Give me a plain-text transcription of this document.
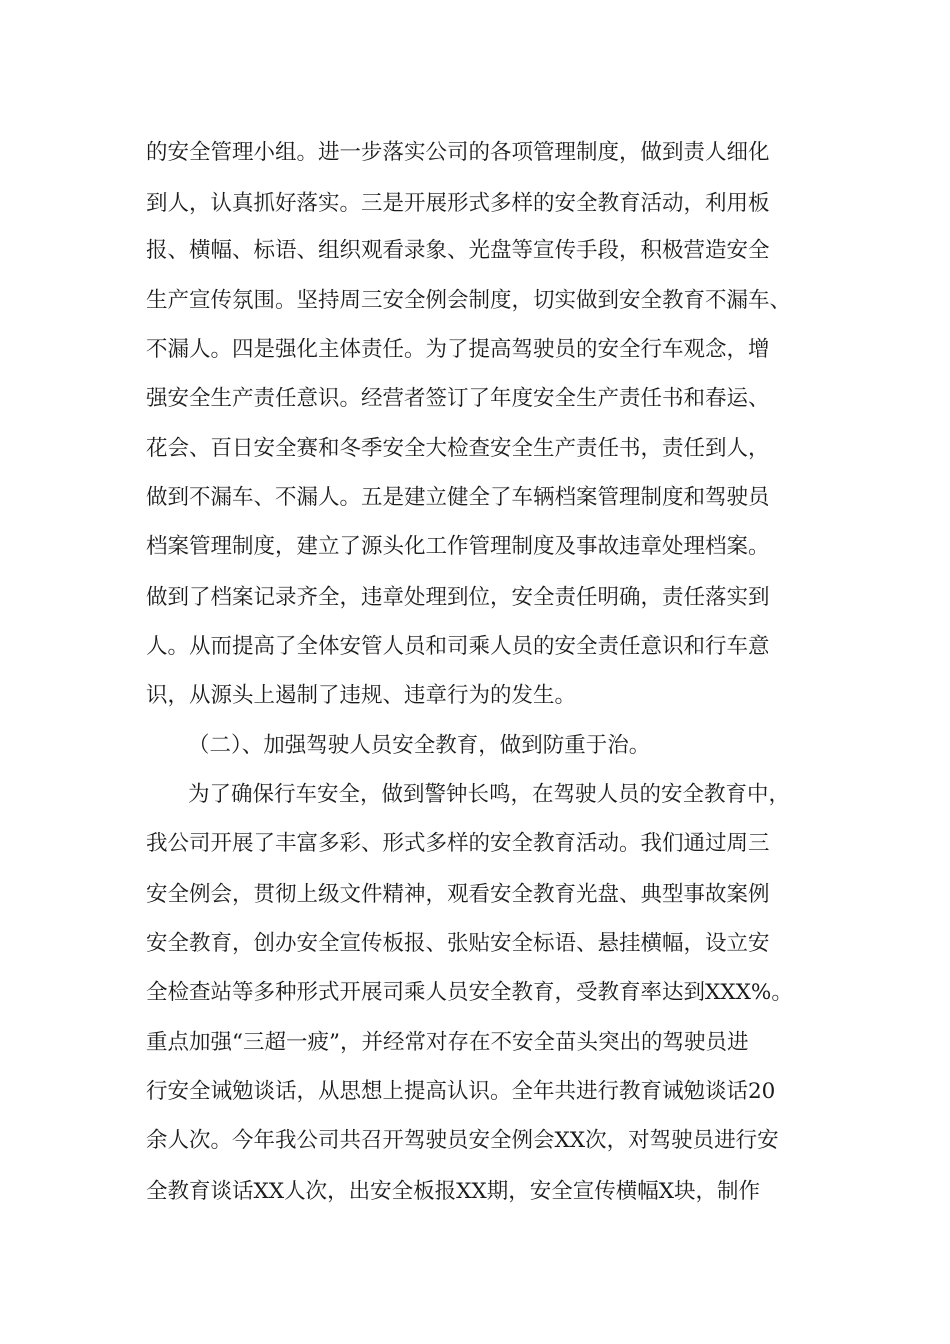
的安全管理小组。进一步落实公司的各项管理制度，做到责人细化
到人，认真抓好落实。三是开展形式多样的安全教育活动，利用板
报、横幅、标语、组织观看录象、光盘等宣传手段，积极营造安全
生产宣传氛围。坚持周三安全例会制度，切实做到安全教育不漏车、
不漏人。四是强化主体责任。为了提高驾驶员的安全行车观念，增
强安全生产责任意识。经营者签订了年度安全生产责任书和春运、
花会、百日安全赛和冬季安全大检查安全生产责任书，责任到人，
做到不漏车、不漏人。五是建立健全了车辆档案管理制度和驾驶员
档案管理制度，建立了源头化工作管理制度及事故违章处理档案。
做到了档案记录齐全，违章处理到位，安全责任明确，责任落实到
人。从而提高了全体安管人员和司乘人员的安全责任意识和行车意
识，从源头上遏制了违规、违章行为的发生。
（二）、加强驾驶人员安全教育，做到防重于治。
为了确保行车安全，做到警钟长鸣，在驾驶人员的安全教育中，
我公司开展了丰富多彩、形式多样的安全教育活动。我们通过周三
安全例会，贯彻上级文件精神，观看安全教育光盘、典型事故案例
安全教育，创办安全宣传板报、张贴安全标语、悬挂横幅，设立安
全检查站等多种形式开展司乘人员安全教育，受教育率达到XXX%。
重点加强“三超一疲”，并经常对存在不安全苗头突出的驾驶员进
行安全诫勉谈话，从思想上提高认识。全年共进行教育诫勉谈话20
余人次。今年我公司共召开驾驶员安全例会XX次，对驾驶员进行安
全教育谈话XX人次，出安全板报XX期，安全宣传横幅X块，制作
